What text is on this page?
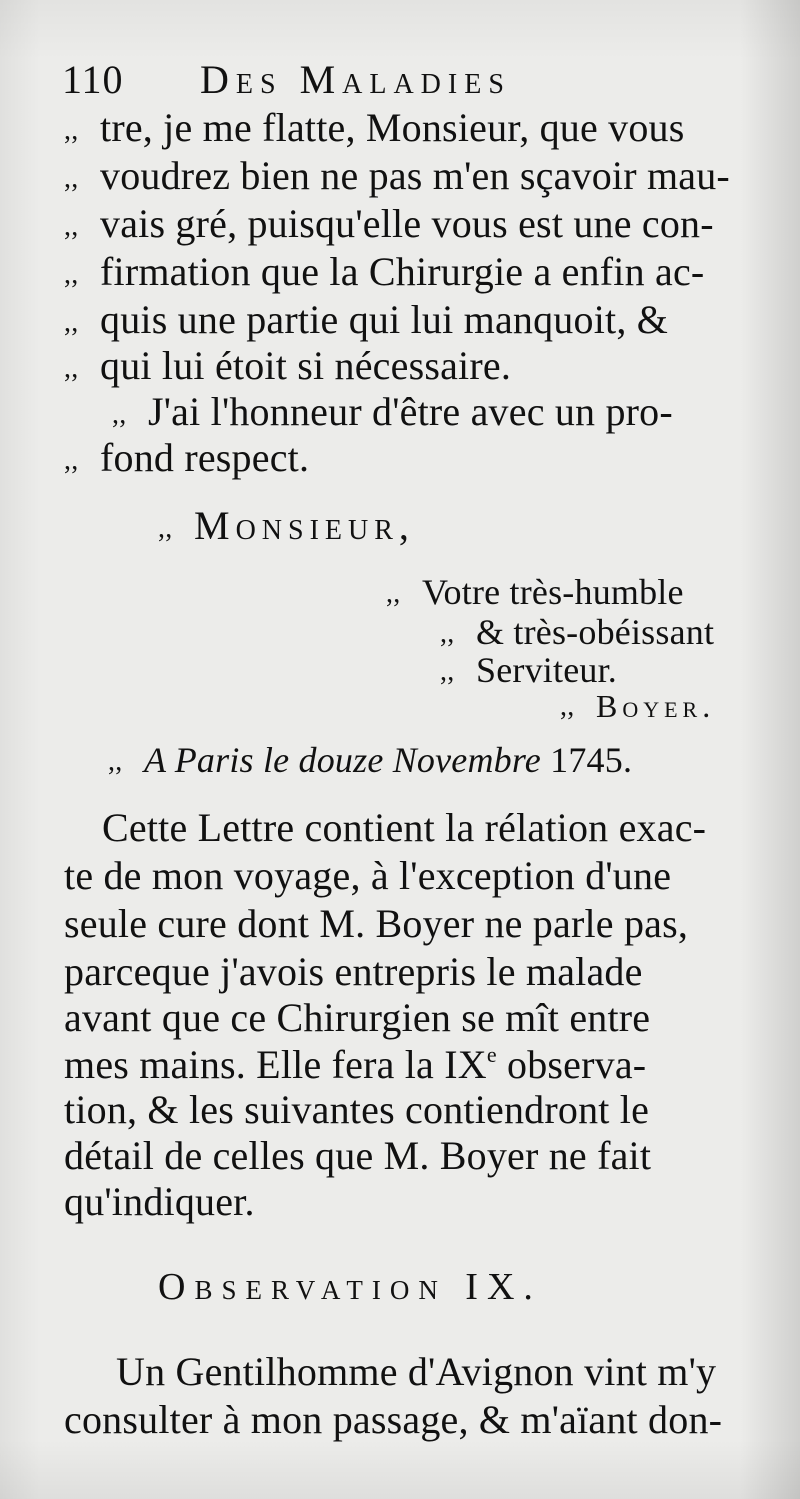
110 Des Maladies
,, tre, je me flatte, Monsieur, que vous
,, voudrez bien ne pas m'en sçavoir mau-
,, vais gré, puisqu'elle vous est une con-
,, firmation que la Chirurgie a enfin ac-
,, quis une partie qui lui manquoit, &
,, qui lui étoit si nécessaire.
,, J'ai l'honneur d'être avec un pro-
,, fond respect.
,, Monsieur,
,, Votre très-humble
,, & très-obéissant
,, Serviteur.
,, Boyer.
,, A Paris le douze Novembre 1745.
Cette Lettre contient la rélation exac-
te de mon voyage, à l'exception d'une
seule cure dont M. Boyer ne parle pas,
parceque j'avois entrepris le malade
avant que ce Chirurgien se mît entre
mes mains. Elle fera la IXe observa-
tion, & les suivantes contiendront le
détail de celles que M. Boyer ne fait
qu'indiquer.
Observation IX.
Un Gentilhomme d'Avignon vint m'y
consulter à mon passage, & m'aïant don-
